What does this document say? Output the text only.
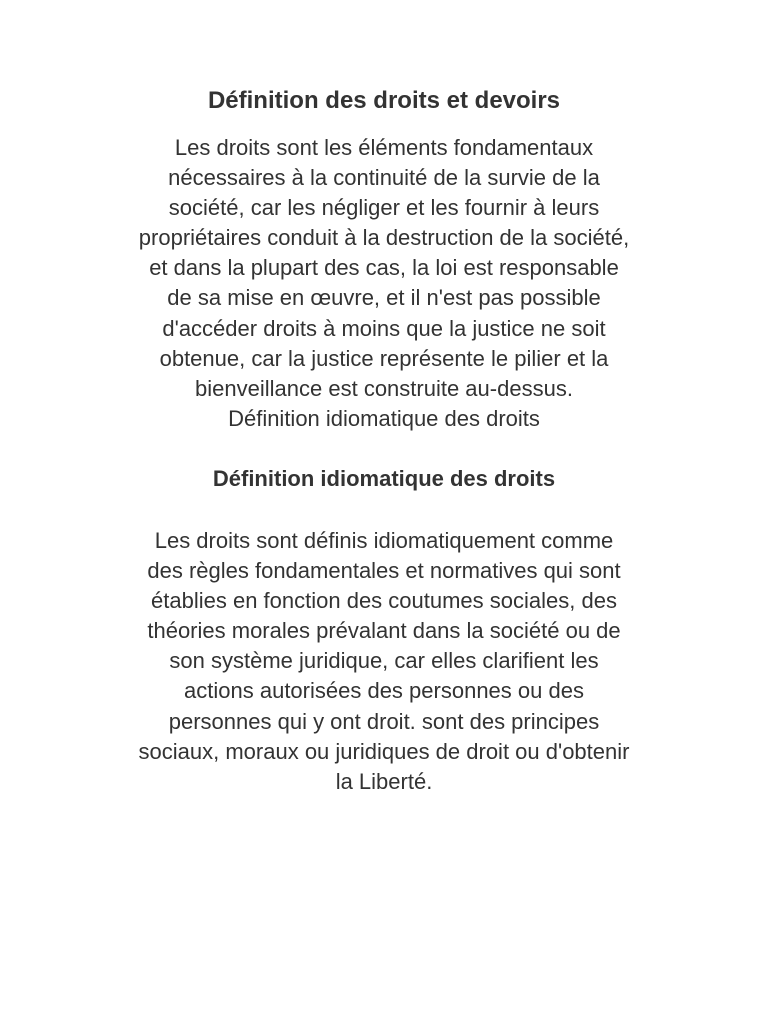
Définition des droits et devoirs

Les droits sont les éléments fondamentaux
nécessaires à la continuité de la survie de la
société, car les négliger et les fournir à leurs
propriétaires conduit à la destruction de la société,
et dans la plupart des cas, la loi est responsable
de sa mise en œuvre, et il n'est pas possible
d'accéder droits à moins que la justice ne soit
obtenue, car la justice représente le pilier et la
bienveillance est construite au-dessus.
Définition idiomatique des droits

Définition idiomatique des droits

Les droits sont définis idiomatiquement comme
des règles fondamentales et normatives qui sont
établies en fonction des coutumes sociales, des
théories morales prévalant dans la société ou de
son système juridique, car elles clarifient les
actions autorisées des personnes ou des
personnes qui y ont droit. sont des principes
sociaux, moraux ou juridiques de droit ou d'obtenir
la Liberté.
